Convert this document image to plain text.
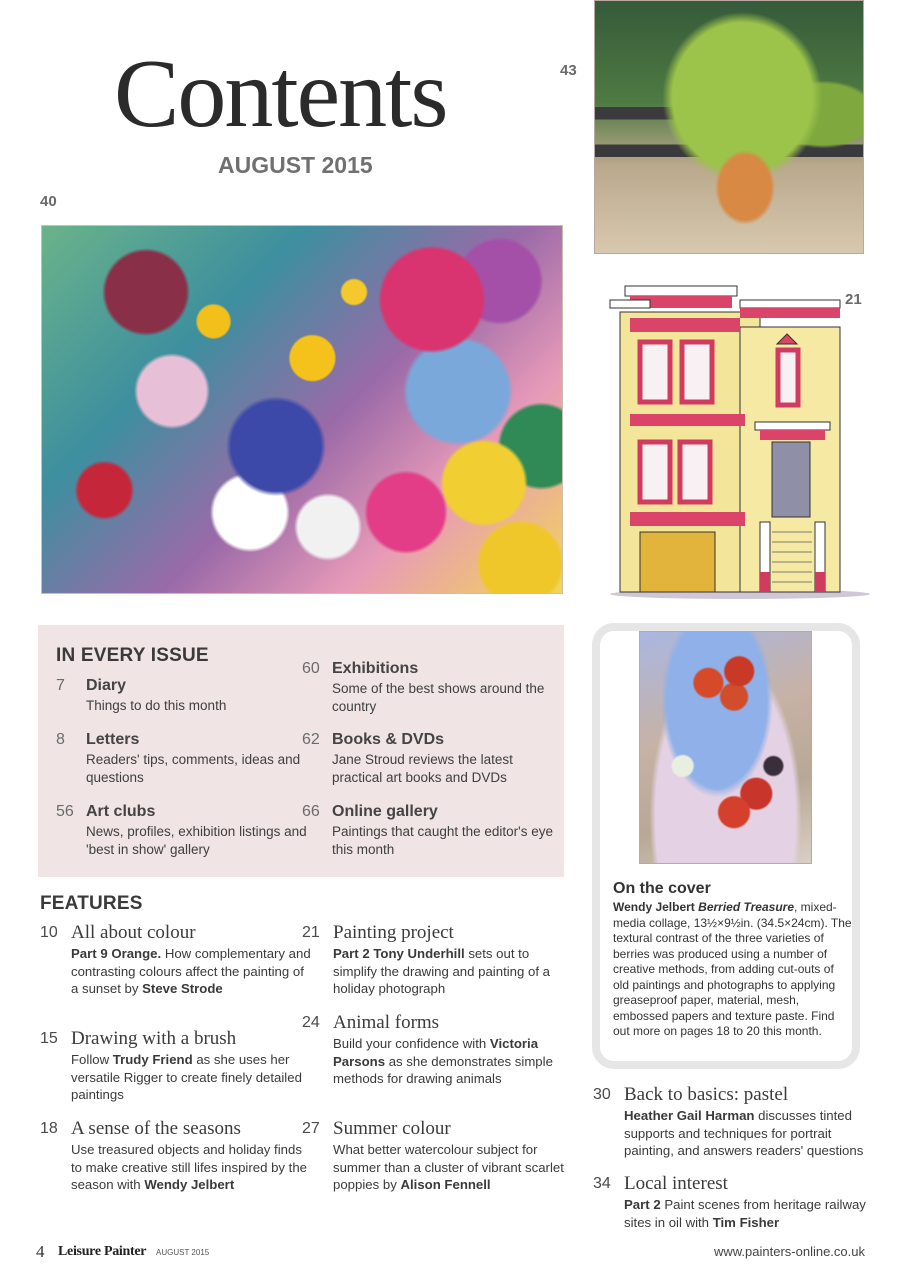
Contents
AUGUST 2015
40
43
21
On the cover
Wendy Jelbert Berried Treasure, mixed-media collage, 13½×9½in. (34.5×24cm). The textural contrast of the three varieties of berries was produced using a number of creative methods, from adding cut-outs of old paintings and photographs to applying greaseproof paper, material, mesh, embossed papers and texture paste. Find out more on pages 18 to 20 this month.
IN EVERY ISSUE
7	Diary
Things to do this month
8	Letters
Readers' tips, comments, ideas and questions
56 Art clubs
News, profiles, exhibition listings and 'best in show' gallery
60 Exhibitions
Some of the best shows around the country
62 Books & DVDs
Jane Stroud reviews the latest practical art books and DVDs
66 Online gallery
Paintings that caught the editor's eye this month
FEATURES
10 All about colour
Part 9 Orange. How complementary and contrasting colours affect the painting of a sunset by Steve Strode
15 Drawing with a brush
Follow Trudy Friend as she uses her versatile Rigger to create finely detailed paintings
18 A sense of the seasons
Use treasured objects and holiday finds to make creative still lifes inspired by the season with Wendy Jelbert
21 Painting project
Part 2 Tony Underhill sets out to simplify the drawing and painting of a holiday photograph
24 Animal forms
Build your confidence with Victoria Parsons as she demonstrates simple methods for drawing animals
27 Summer colour
What better watercolour subject for summer than a cluster of vibrant scarlet poppies by Alison Fennell
30 Back to basics: pastel
Heather Gail Harman discusses tinted supports and techniques for portrait painting, and answers readers' questions
34 Local interest
Part 2 Paint scenes from heritage railway sites in oil with Tim Fisher
4 Leisure Painter AUGUST 2015	www.painters-online.co.uk
